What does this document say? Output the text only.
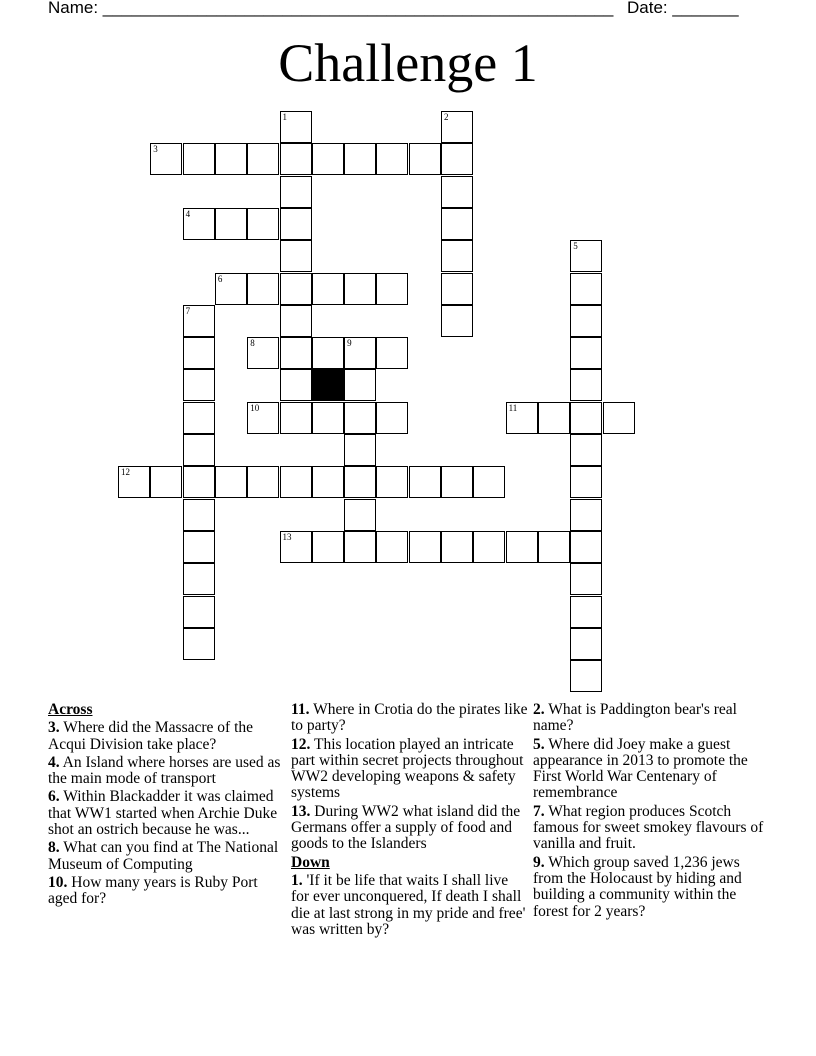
Name: ______________________________________________________ Date: _______
Challenge 1
3
4
6
8	9
10	11
12
13
1	2
5
7
Across
3. Where did the Massacre of the Acqui Division take place?
4. An Island where horses are used as the main mode of transport
6. Within Blackadder it was claimed that WW1 started when Archie Duke shot an ostrich because he was...
8. What can you find at The National Museum of Computing
10. How many years is Ruby Port aged for?
11. Where in Crotia do the pirates like to party?
12. This location played an intricate part within secret projects throughout WW2 developing weapons & safety systems
13. During WW2 what island did the Germans offer a supply of food and goods to the Islanders
Down
1. 'If it be life that waits I shall live for ever unconquered, If death I shall die at last strong in my pride and free' was written by?
2. What is Paddington bear's real name?
5. Where did Joey make a guest appearance in 2013 to promote the First World War Centenary of remembrance
7. What region produces Scotch famous for sweet smokey flavours of vanilla and fruit.
9. Which group saved 1,236 jews from the Holocaust by hiding and building a community within the forest for 2 years?
